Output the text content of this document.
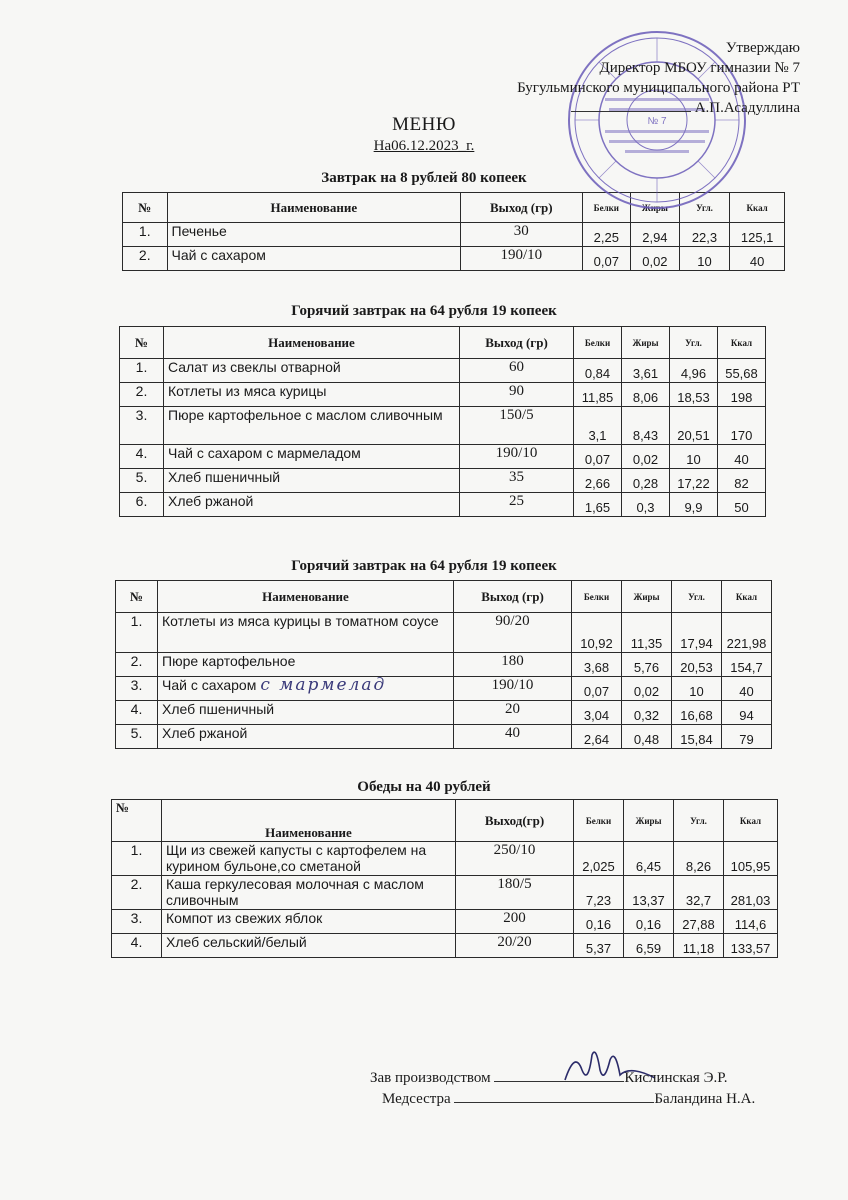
№ 7
Утверждаю
Директор МБОУ гимназии № 7
Бугульминского муниципального района РТ
А.П.Асадуллина
МЕНЮ
На06.12.2023_г.
Завтрак на 8 рублей 80 копеек
№	Наименование	Выход (гр)	Белки	Жиры	Угл.	Ккал
1.	Печенье	30	2,25	2,94	22,3	125,1
2.	Чай с сахаром	190/10	0,07	0,02	10	40
Горячий завтрак на 64 рубля 19 копеек
№	Наименование	Выход (гр)	Белки	Жиры	Угл.	Ккал
1.	Салат из свеклы отварной	60	0,84	3,61	4,96	55,68
2.	Котлеты из мяса курицы	90	11,85	8,06	18,53	198
3.	Пюре картофельное с маслом сливочным	150/5	3,1	8,43	20,51	170
4.	Чай с сахаром с мармеладом	190/10	0,07	0,02	10	40
5.	Хлеб пшеничный	35	2,66	0,28	17,22	82
6.	Хлеб ржаной	25	1,65	0,3	9,9	50
Горячий завтрак на 64 рубля 19 копеек
№	Наименование	Выход (гр)	Белки	Жиры	Угл.	Ккал
1.	Котлеты из мяса курицы в томатном соусе	90/20	10,92	11,35	17,94	221,98
2.	Пюре картофельное	180	3,68	5,76	20,53	154,7
3.	Чай с сахаром с мармелад	190/10	0,07	0,02	10	40
4.	Хлеб пшеничный	20	3,04	0,32	16,68	94
5.	Хлеб ржаной	40	2,64	0,48	15,84	79
Обеды на 40 рублей
№	Наименование	Выход(гр)	Белки	Жиры	Угл.	Ккал
1.	Щи из свежей капусты с картофелем на курином бульоне,со сметаной	250/10	2,025	6,45	8,26	105,95
2.	Каша геркулесовая молочная с маслом сливочным	180/5	7,23	13,37	32,7	281,03
3.	Компот из свежих яблок	200	0,16	0,16	27,88	114,6
4.	Хлеб сельский/белый	20/20	5,37	6,59	11,18	133,57
Зав производством	Кислинская Э.Р.
Медсестра	Баландина Н.А.
